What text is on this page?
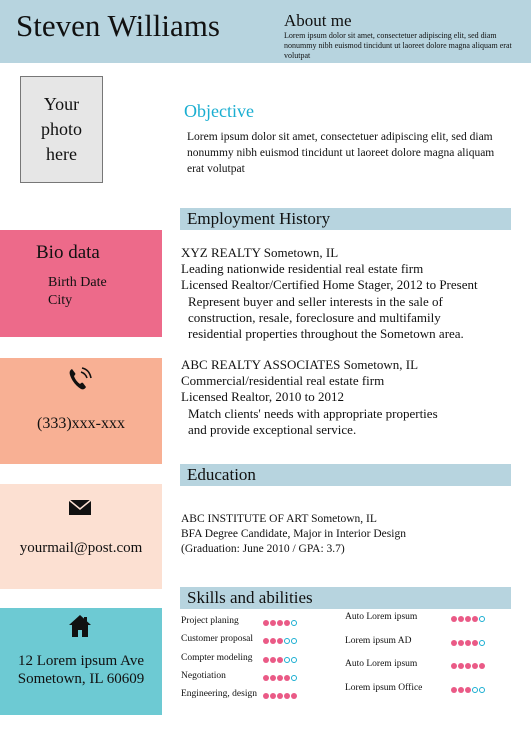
Steven Williams	About me
Lorem ipsum dolor sit amet, consectetuer adipiscing elit, sed diam nonummy nibh euismod tincidunt ut laoreet dolore magna aliquam erat volutpat
Your
photo
here
Objective
Lorem ipsum dolor sit amet, consectetuer adipiscing elit, sed diam nonummy nibh euismod tincidunt ut laoreet dolore magna aliquam erat volutpat
Employment History
XYZ REALTY Sometown, IL
Leading nationwide residential real estate firm
Licensed Realtor/Certified Home Stager, 2012 to Present
Represent buyer and seller interests in the sale of
construction, resale, foreclosure and multifamily
residential properties throughout the Sometown area.
ABC REALTY ASSOCIATES Sometown, IL
Commercial/residential real estate firm
Licensed Realtor, 2010 to 2012
Match clients' needs with appropriate properties
and provide exceptional service.
Bio data
Birth Date
City
(333)xxx-xxx
yourmail@post.com
12 Lorem ipsum Ave
Sometown, IL 60609
Education
ABC INSTITUTE OF ART Sometown, IL
BFA Degree Candidate, Major in Interior Design
(Graduation: June 2010 / GPA: 3.7)
Skills and abilities
Project planing
Customer proposal
Compter modeling
Negotiation
Engineering, design
Auto Lorem ipsum
Lorem ipsum AD
Auto Lorem ipsum
Lorem ipsum Office
